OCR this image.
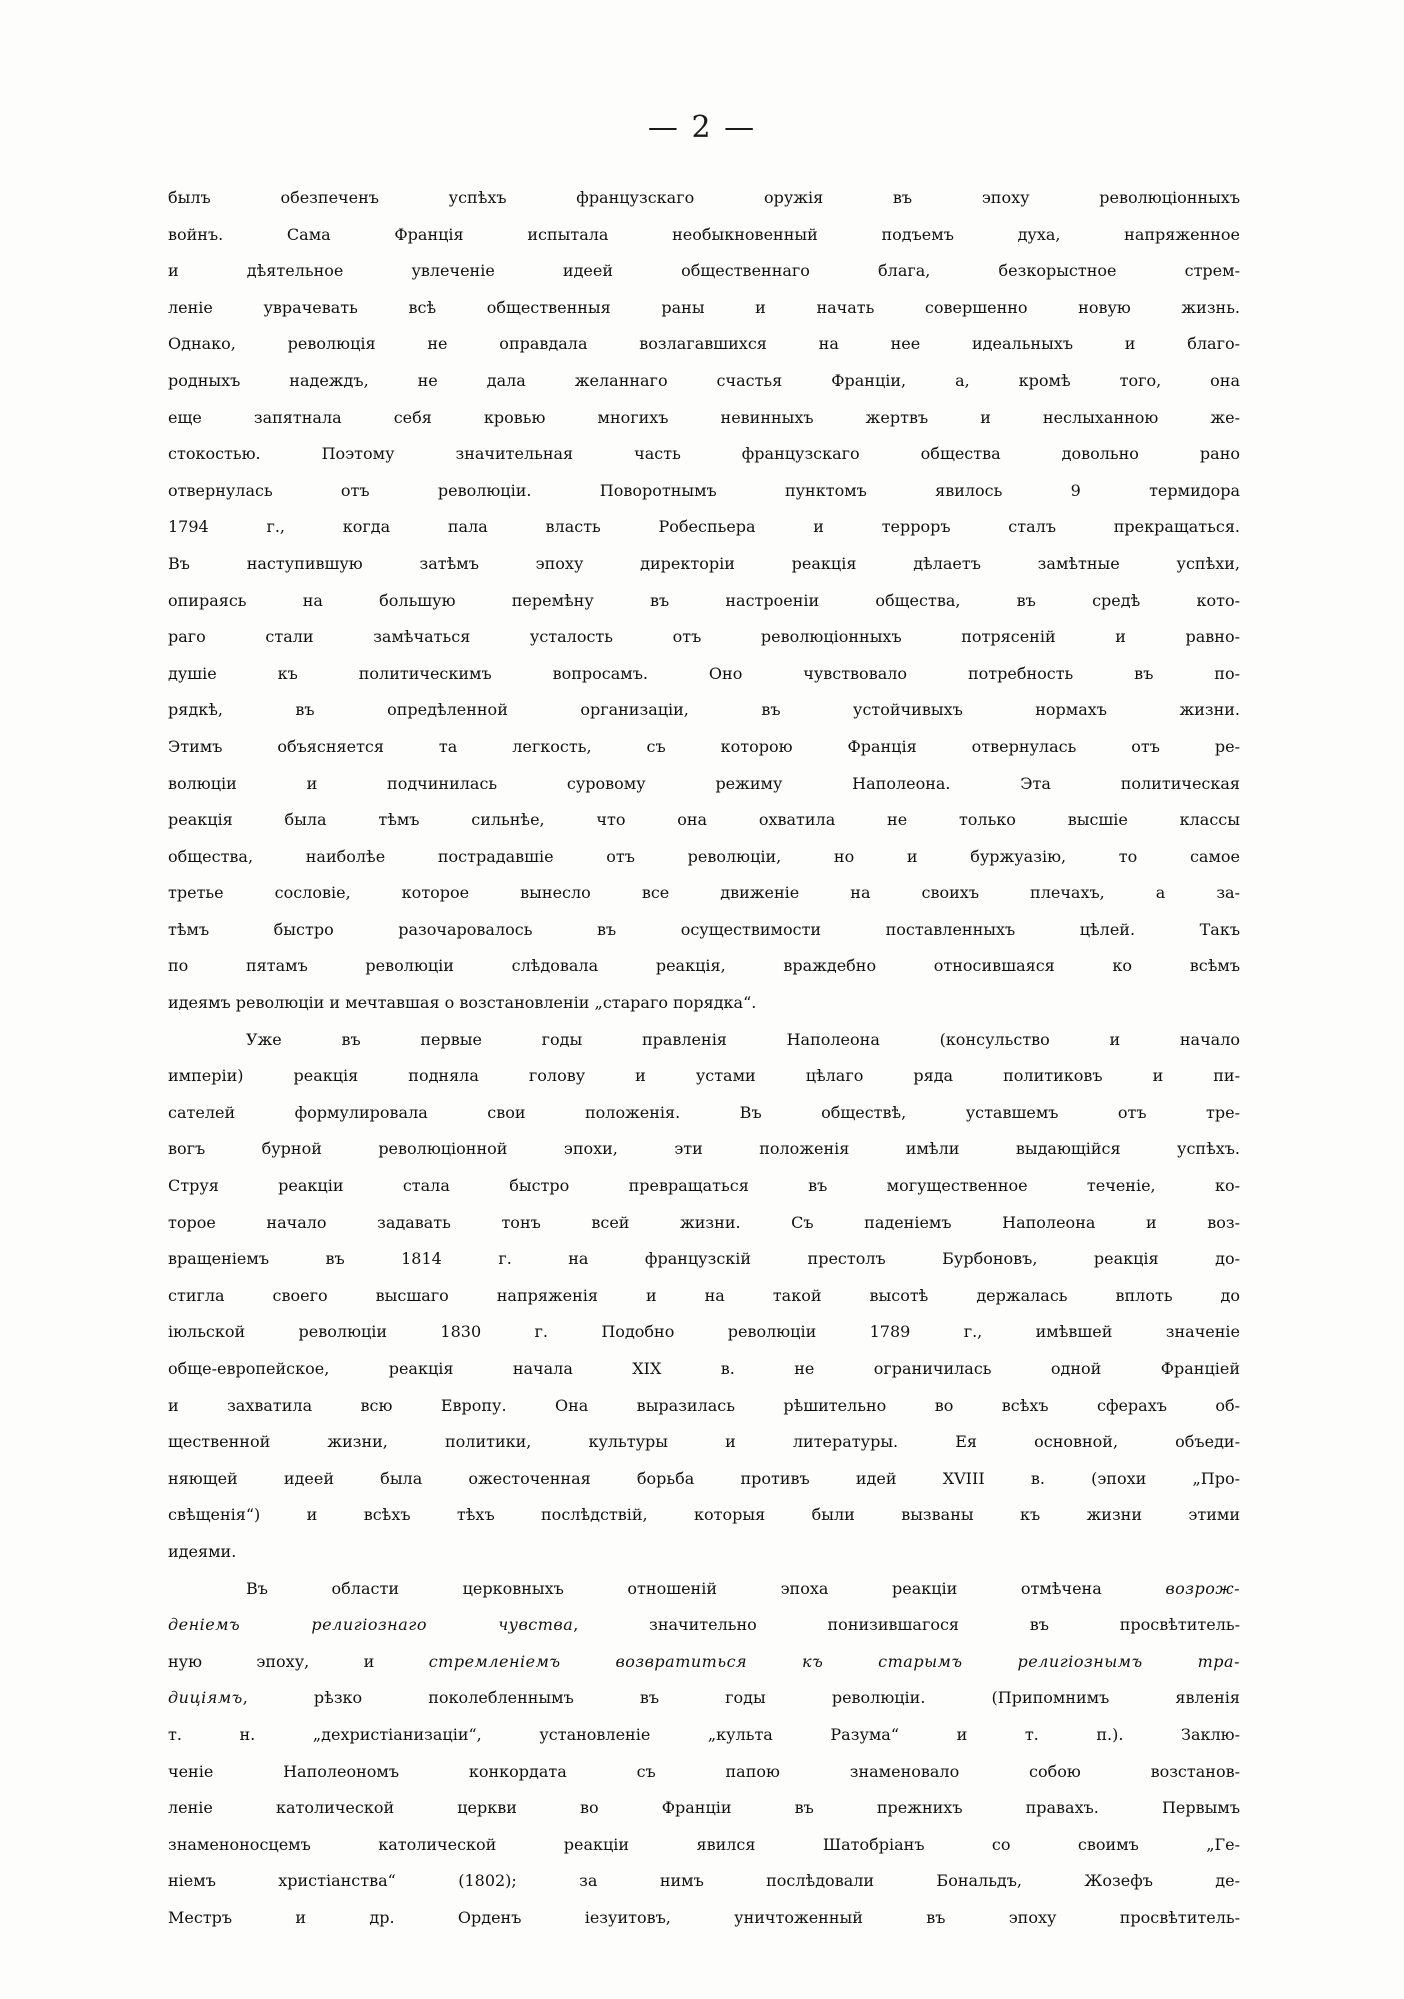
— 2 —
былъ обезпеченъ успѣхъ французскаго оружія въ эпоху революціонныхъ
войнъ. Сама Франція испытала необыкновенный подъемъ духа, напряженное
и дѣятельное увлеченіе идеей общественнаго блага, безкорыстное стрем-
леніе уврачевать всѣ общественныя раны и начать совершенно новую жизнь.
Однако, революція не оправдала возлагавшихся на нее идеальныхъ и благо-
родныхъ надеждъ, не дала желаннаго счастья Франціи, а, кромѣ того, она
еще запятнала себя кровью многихъ невинныхъ жертвъ и неслыханною же-
стокостью. Поэтому значительная часть французскаго общества довольно рано
отвернулась отъ революціи. Поворотнымъ пунктомъ явилось 9 термидора
1794 г., когда пала власть Робеспьера и терроръ сталъ прекращаться.
Въ наступившую затѣмъ эпоху директоріи реакція дѣлаетъ замѣтные успѣхи,
опираясь на большую перемѣну въ настроеніи общества, въ средѣ кото-
раго стали замѣчаться усталость отъ революціонныхъ потрясеній и равно-
душіе къ политическимъ вопросамъ. Оно чувствовало потребность въ по-
рядкѣ, въ опредѣленной организаціи, въ устойчивыхъ нормахъ жизни.
Этимъ объясняется та легкость, съ которою Франція отвернулась отъ ре-
волюціи и подчинилась суровому режиму Наполеона. Эта политическая
реакція была тѣмъ сильнѣе, что она охватила не только высшіе классы
общества, наиболѣе пострадавшіе отъ революціи, но и буржуазію, то самое
третье сословіе, которое вынесло все движеніе на своихъ плечахъ, а за-
тѣмъ быстро разочаровалось въ осуществимости поставленныхъ цѣлей. Такъ
по пятамъ революціи слѣдовала реакція, враждебно относившаяся ко всѣмъ
идеямъ революціи и мечтавшая о возстановленіи „стараго порядка“.
Уже въ первые годы правленія Наполеона (консульство и начало
имперіи) реакція подняла голову и устами цѣлаго ряда политиковъ и пи-
сателей формулировала свои положенія. Въ обществѣ, уставшемъ отъ тре-
вогъ бурной революціонной эпохи, эти положенія имѣли выдающійся успѣхъ.
Струя реакціи стала быстро превращаться въ могущественное теченіе, ко-
торое начало задавать тонъ всей жизни. Съ паденіемъ Наполеона и воз-
вращеніемъ въ 1814 г. на французскій престолъ Бурбоновъ, реакція до-
стигла своего высшаго напряженія и на такой высотѣ держалась вплоть до
іюльской революціи 1830 г. Подобно революціи 1789 г., имѣвшей значеніе
обще-европейское, реакція начала XIX в. не ограничилась одной Франціей
и захватила всю Европу. Она выразилась рѣшительно во всѣхъ сферахъ об-
щественной жизни, политики, культуры и литературы. Ея основной, объеди-
няющей идеей была ожесточенная борьба противъ идей XVIII в. (эпохи „Про-
свѣщенія“) и всѣхъ тѣхъ послѣдствій, которыя были вызваны къ жизни этими
идеями.
Въ области церковныхъ отношеній эпоха реакціи отмѣчена	возрож-
деніемъ религіознаго чувства, значительно понизившагося въ просвѣтитель-
ную эпоху, и стремленіемъ возвратиться къ старымъ религіознымъ тра-
диціямъ, рѣзко поколебленнымъ въ годы революціи. (Припомнимъ явленія
т. н. „дехристіанизаціи“, установленіе „культа Разума“ и т. п.). Заклю-
ченіе Наполеономъ конкордата съ папою знаменовало собою возстанов-
леніе католической церкви во Франціи въ прежнихъ правахъ. Первымъ
знаменоносцемъ католической реакціи явился Шатобріанъ со своимъ „Ге-
ніемъ христіанства“ (1802); за нимъ послѣдовали Бональдъ, Жозефъ де-
Местръ и др. Орденъ іезуитовъ, уничтоженный въ эпоху просвѣтитель-
